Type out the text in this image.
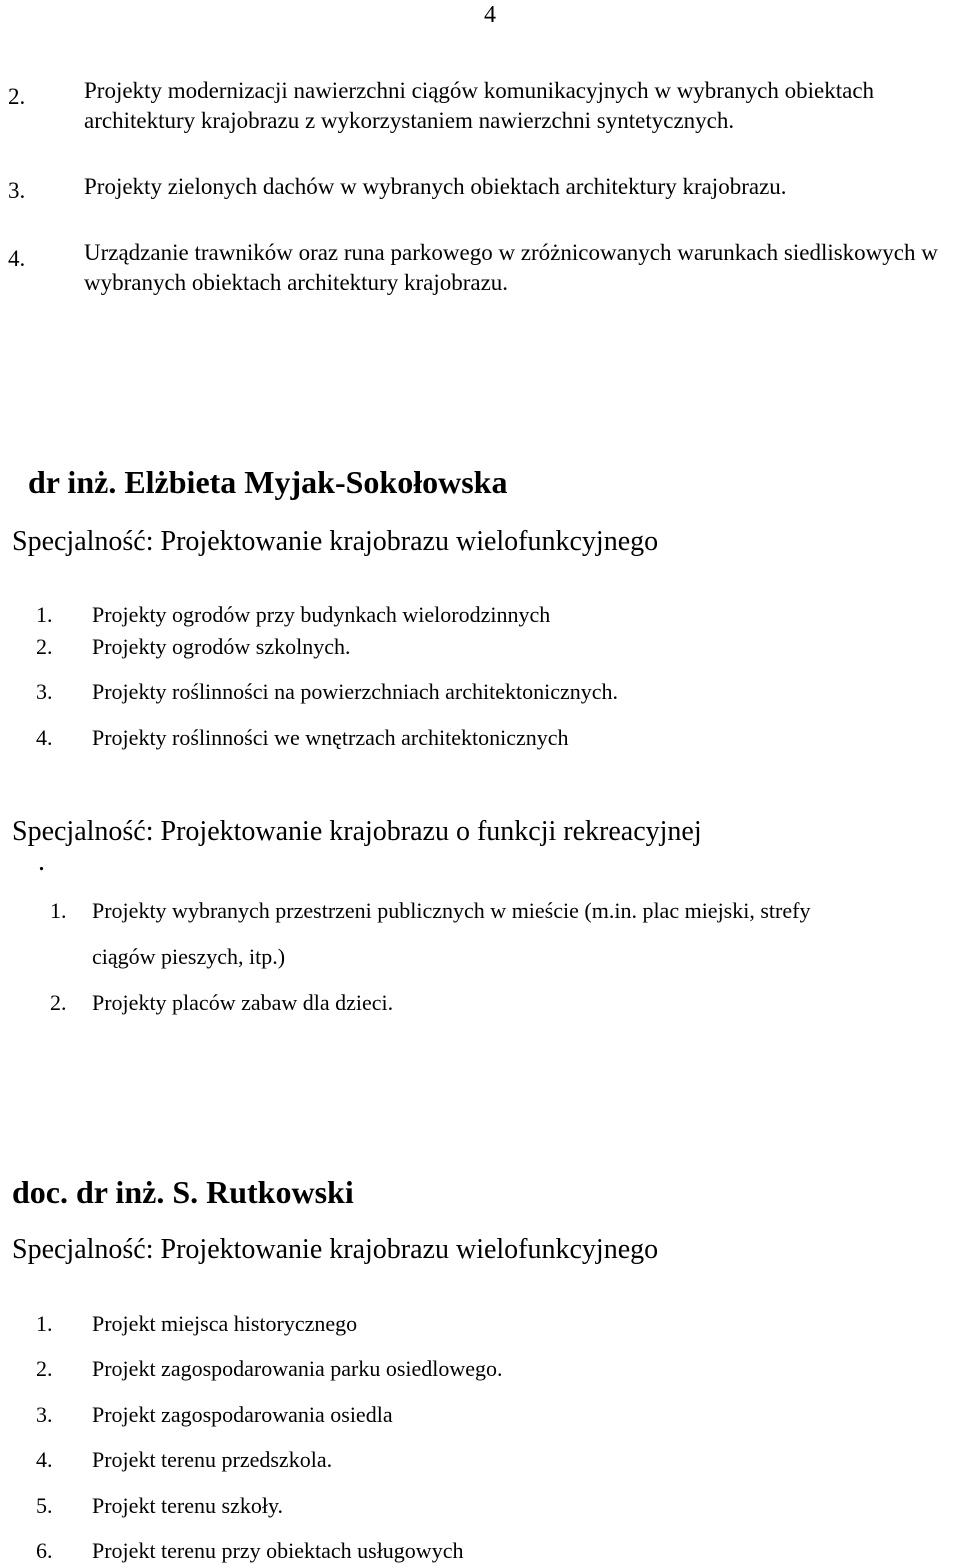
4
2.	Projekty modernizacji nawierzchni ciągów komunikacyjnych w wybranych obiektach architektury krajobrazu z wykorzystaniem nawierzchni syntetycznych.
3.	Projekty zielonych dachów w wybranych obiektach architektury krajobrazu.
4.	Urządzanie trawników oraz runa parkowego w zróżnicowanych warunkach siedliskowych w wybranych obiektach architektury krajobrazu.
dr inż. Elżbieta Myjak-Sokołowska
Specjalność: Projektowanie krajobrazu wielofunkcyjnego
1. Projekty ogrodów przy budynkach wielorodzinnych
2. Projekty ogrodów szkolnych.
3. Projekty roślinności na powierzchniach architektonicznych.
4. Projekty roślinności we wnętrzach architektonicznych
Specjalność: Projektowanie krajobrazu o funkcji rekreacyjnej
.
1. Projekty wybranych przestrzeni publicznych w mieście (m.in. plac miejski, strefy
ciągów pieszych, itp.)
2. Projekty placów zabaw dla dzieci.
doc. dr inż. S. Rutkowski
Specjalność: Projektowanie krajobrazu wielofunkcyjnego
1. Projekt miejsca historycznego
2. Projekt zagospodarowania parku osiedlowego.
3. Projekt zagospodarowania osiedla
4. Projekt terenu przedszkola.
5. Projekt terenu szkoły.
6. Projekt terenu przy obiektach usługowych
